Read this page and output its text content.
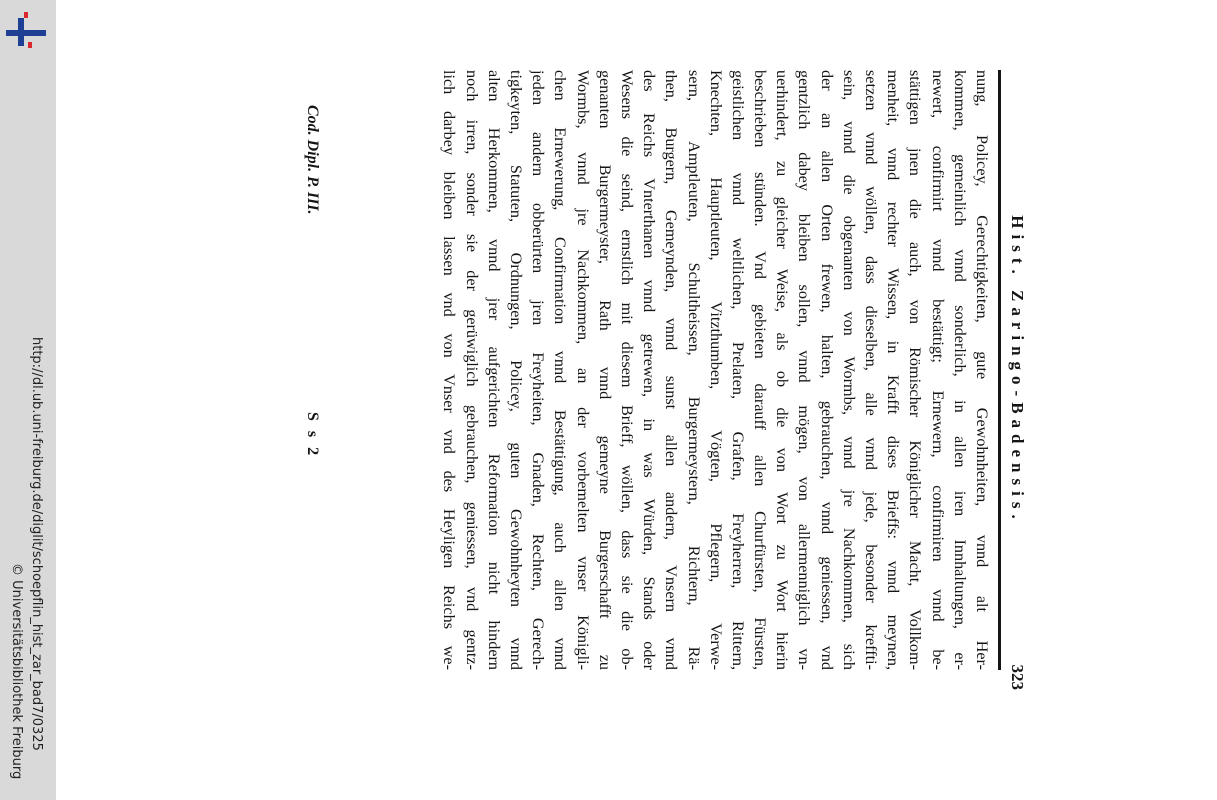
http://dl.ub.uni-freiburg.de/diglit/schoepflin_hist_zar_bad7/0325
© Universitätsbibliothek Freiburg
Hist. Zaringo-Badensis.
323
nung, Policey, Gerechtigkeiten, gute Gewohnheiten, vnnd alt Her-
kommen, gemeinlich vnnd sonderlich, in allen iren Innhaltungen, er-
newert, confirmirt vnnd bestättigt; Ernewern, confirmiren vnnd be-
stättigen jnen die auch, von Römischer Königlicher Macht, Vollkom-
menheit, vnnd rechter Wissen, in Krafft dises Brieffs: vnnd meynen,
setzen vnnd wöllen, dass dieselben, alle vnnd jede, besonder kreffti-
sein, vnnd die obgenanten von Wormbs, vnnd jre Nachkommen, sich
der an allen Orten frewen, halten, gebrauchen, vnnd geniessen, vnd
gentzlich dabey bleiben sollen, vnnd mögen, von allermenniglich vn-
uerhindert, zu gleicher Weise, als ob die von Wort zu Wort hierin
beschrieben stünden. Vnd gebieten darauff allen Churfürsten, Fürsten,
geistlichen vnnd weltlichen, Prelaten, Grafen, Freyherren, Rittern,
Knechten, Hauptleuten, Vitzthumben, Vögten, Pflegern, Verwe-
sern, Amptleuten, Schultheissen, Burgermeystern, Richtern, Rä-
then, Burgern, Gemeynden, vnnd sunst allen andern, Vnsern vnnd
des Reichs Vnterthanen vnnd getrewen, in was Würden, Stands oder
Wesens die seind, ernstlich mit diesem Brieff, wöllen, dass sie die ob-
genanten Burgermeyster, Rath vnnd gemeyne Burgerschafft zu
Wormbs, vnnd jre Nachkommen, an der vorbemelten vnser Königli-
chen Ernewerung, Confirmation vnnd Bestättigung, auch allen vnnd
jeden andern obberürten jren Freyheiten, Gnaden, Rechten, Gerech-
tigkeyten, Statuten, Ordnungen, Policey, guten Gewohnheyten vnnd
alten Herkommen, vnnd jrer aufgerichten Reformation nicht hindern
noch irren, sonder sie der gerüwiglich gebrauchen, geniessen, vnd gentz-
lich darbey bleiben lassen vnd von Vnser vnd des Heyligen Reichs we-
Cod. Dipl. P. III.
S s 2
